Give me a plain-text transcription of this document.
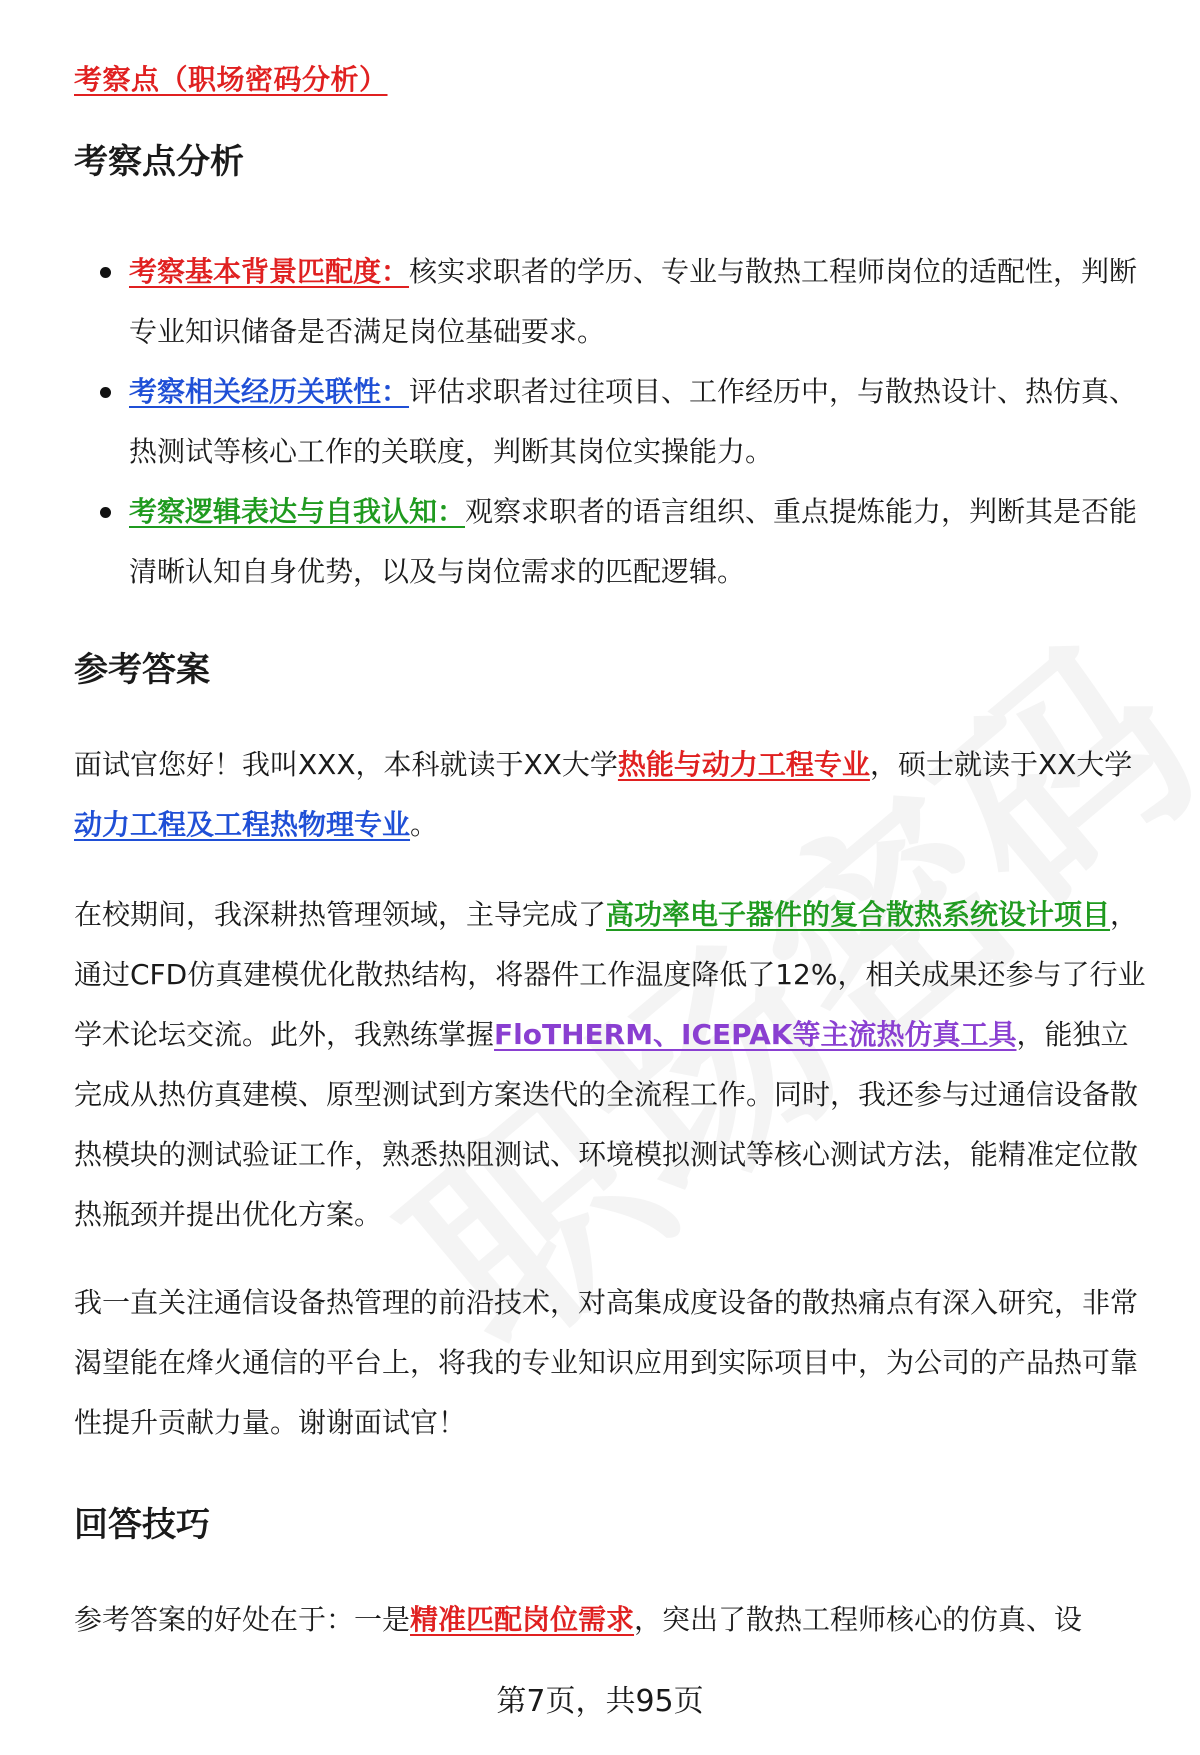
考察点（职场密码分析）
考察点分析
考察基本背景匹配度：核实求职者的学历、专业与散热工程师岗位的适配性，判断专业知识储备是否满足岗位基础要求。
考察相关经历关联性：评估求职者过往项目、工作经历中，与散热设计、热仿真、热测试等核心工作的关联度，判断其岗位实操能力。
考察逻辑表达与自我认知：观察求职者的语言组织、重点提炼能力，判断其是否能清晰认知自身优势，以及与岗位需求的匹配逻辑。
参考答案

面试官您好！我叫XXX，本科就读于XX大学热能与动力工程专业，硕士就读于XX大学动力工程及工程热物理专业。

在校期间，我深耕热管理领域，主导完成了高功率电子器件的复合散热系统设计项目，通过CFD仿真建模优化散热结构，将器件工作温度降低了12%，相关成果还参与了行业学术论坛交流。此外，我熟练掌握FloTHERM、ICEPAK等主流热仿真工具，能独立完成从热仿真建模、原型测试到方案迭代的全流程工作。同时，我还参与过通信设备散热模块的测试验证工作，熟悉热阻测试、环境模拟测试等核心测试方法，能精准定位散热瓶颈并提出优化方案。

我一直关注通信设备热管理的前沿技术，对高集成度设备的散热痛点有深入研究，非常渴望能在烽火通信的平台上，将我的专业知识应用到实际项目中，为公司的产品热可靠性提升贡献力量。谢谢面试官！

回答技巧

参考答案的好处在于：一是精准匹配岗位需求，突出了散热工程师核心的仿真、设

第7页，共95页
